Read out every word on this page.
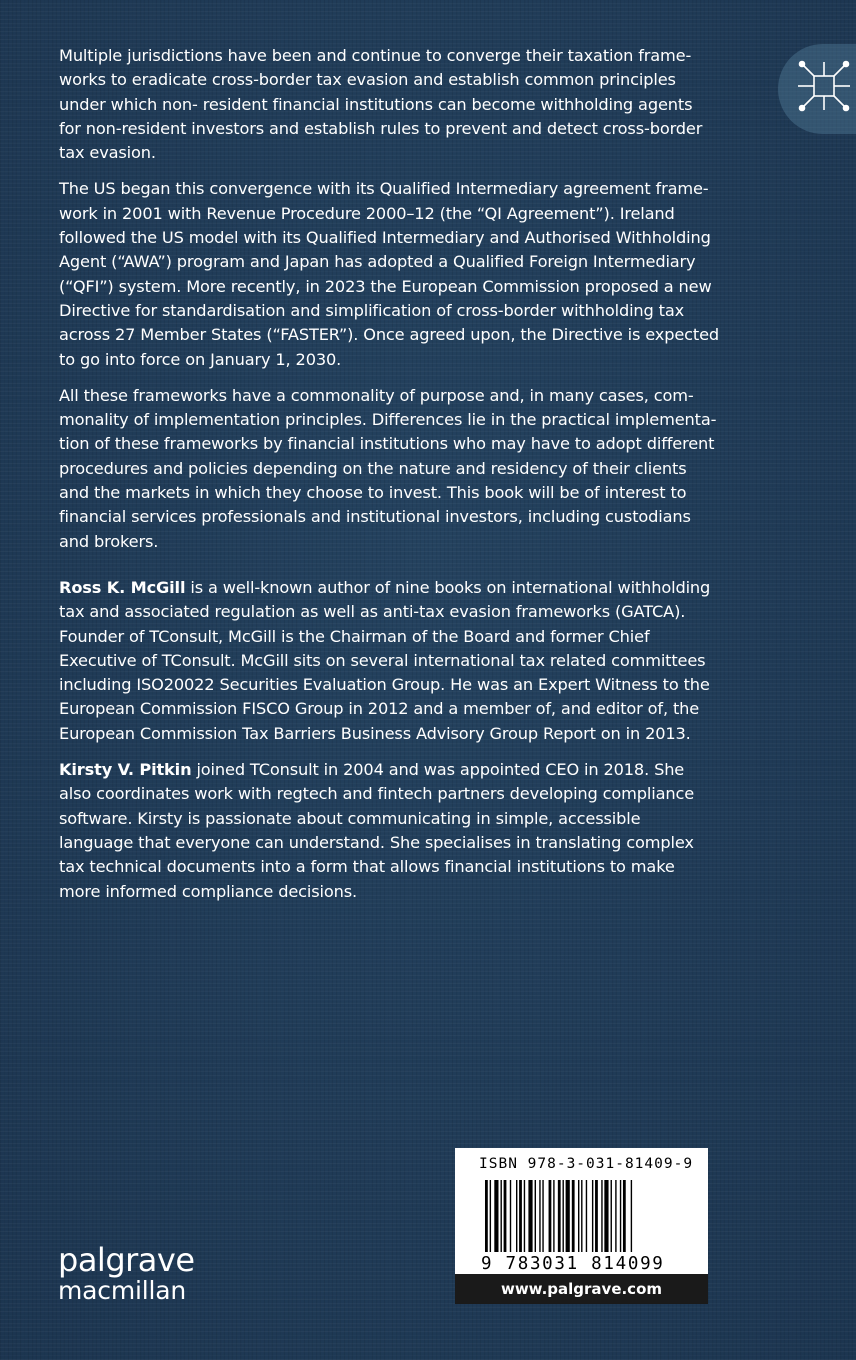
Multiple jurisdictions have been and continue to converge their taxation frame- works to eradicate cross-border tax evasion and establish common principles under which non- resident financial institutions can become withholding agents for non-resident investors and establish rules to prevent and detect cross-border tax evasion.

The US began this convergence with its Qualified Intermediary agreement frame- work in 2001 with Revenue Procedure 2000–12 (the “QI Agreement”). Ireland followed the US model with its Qualified Intermediary and Authorised Withholding Agent (“AWA”) program and Japan has adopted a Qualified Foreign Intermediary (“QFI”) system. More recently, in 2023 the European Commission proposed a new Directive for standardisation and simplification of cross-border withholding tax across 27 Member States (“FASTER”). Once agreed upon, the Directive is expected to go into force on January 1, 2030.

All these frameworks have a commonality of purpose and, in many cases, com- monality of implementation principles. Differences lie in the practical implementa- tion of these frameworks by financial institutions who may have to adopt different procedures and policies depending on the nature and residency of their clients and the markets in which they choose to invest. This book will be of interest to financial services professionals and institutional investors, including custodians and brokers.

Ross K. McGill is a well-known author of nine books on international withholding tax and associated regulation as well as anti-tax evasion frameworks (GATCA). Founder of TConsult, McGill is the Chairman of the Board and former Chief Executive of TConsult. McGill sits on several international tax related committees including ISO20022 Securities Evaluation Group. He was an Expert Witness to the European Commission FISCO Group in 2012 and a member of, and editor of, the European Commission Tax Barriers Business Advisory Group Report on in 2013.

Kirsty V. Pitkin joined TConsult in 2004 and was appointed CEO in 2018. She also coordinates work with regtech and fintech partners developing compliance software. Kirsty is passionate about communicating in simple, accessible language that everyone can understand. She specialises in translating complex tax technical documents into a form that allows financial institutions to make more informed compliance decisions.

palgrave
macmillan
ISBN 978-3-031-81409-9
9 783031 814099
www.palgrave.com
